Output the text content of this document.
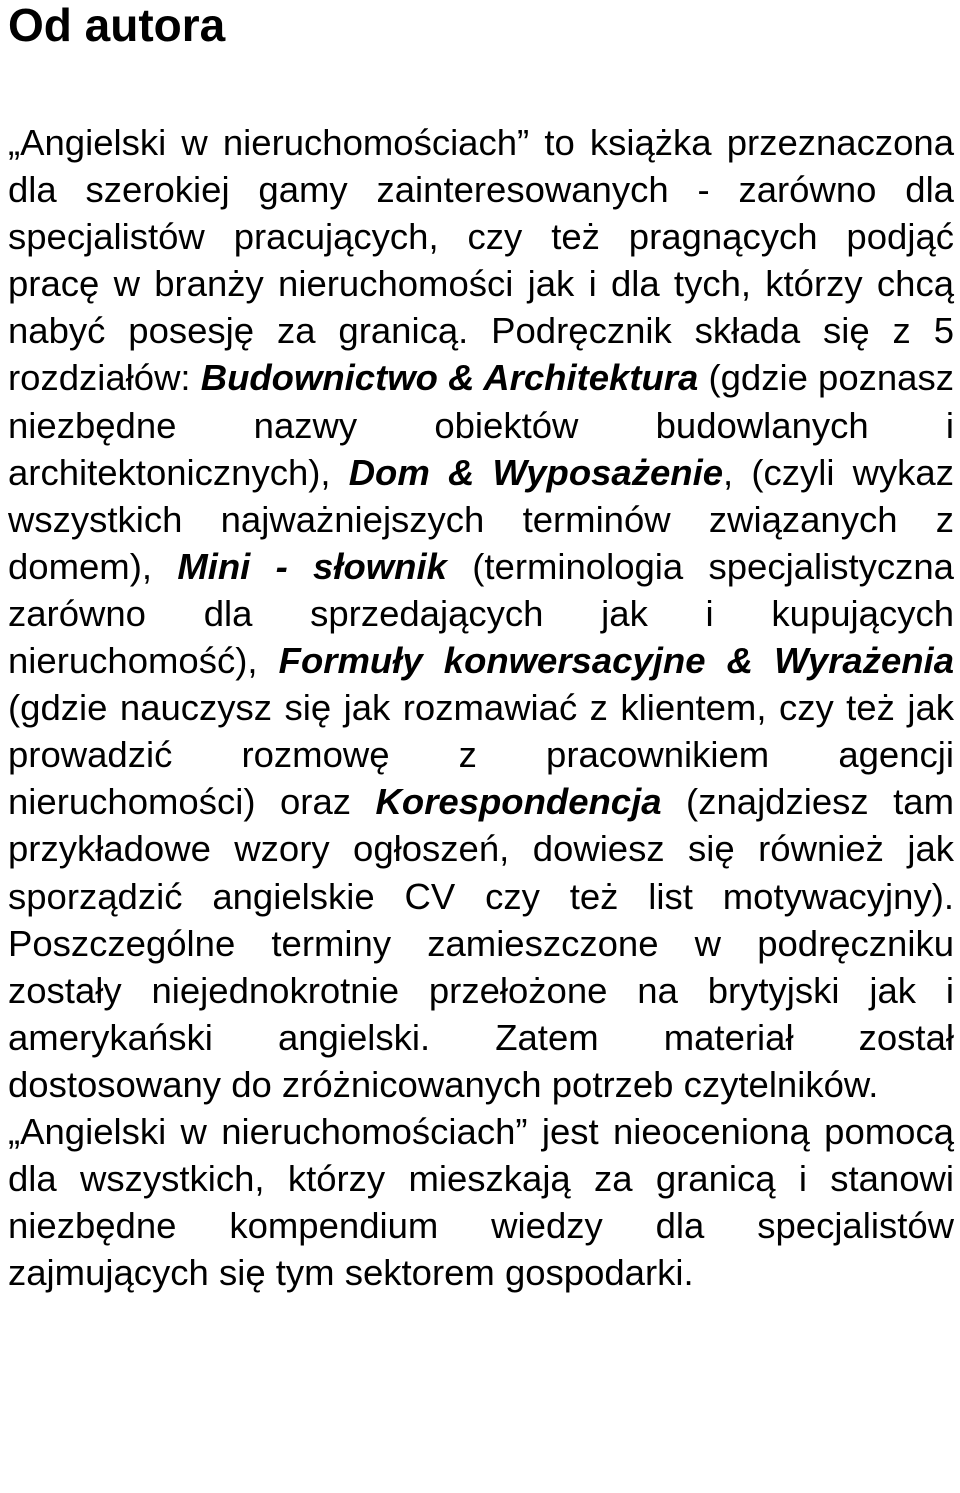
Od autora

„Angielski w nieruchomościach” to książka przeznaczona dla szerokiej gamy zainteresowanych - zarówno dla specjalistów pracujących, czy też pragnących podjąć pracę w branży nieruchomości jak i dla tych, którzy chcą nabyć posesję za granicą. Podręcznik składa się z 5 rozdziałów: Budownictwo & Architektura (gdzie poznasz niezbędne nazwy obiektów budowlanych i architektonicznych), Dom & Wyposażenie, (czyli wykaz wszystkich najważniejszych terminów związanych z domem), Mini - słownik (terminologia specjalistyczna zarówno dla sprzedających jak i kupujących nieruchomość), Formuły konwersacyjne & Wyrażenia (gdzie nauczysz się jak rozmawiać z klientem, czy też jak prowadzić rozmowę z pracownikiem agencji nieruchomości) oraz Korespondencja (znajdziesz tam przykładowe wzory ogłoszeń, dowiesz się również jak sporządzić angielskie CV czy też list motywacyjny). Poszczególne terminy zamieszczone w podręczniku zostały niejednokrotnie przełożone na brytyjski jak i amerykański angielski. Zatem materiał został dostosowany do zróżnicowanych potrzeb czytelników.

„Angielski w nieruchomościach” jest nieocenioną pomocą dla wszystkich, którzy mieszkają za granicą i stanowi niezbędne kompendium wiedzy dla specjalistów zajmujących się tym sektorem gospodarki.
